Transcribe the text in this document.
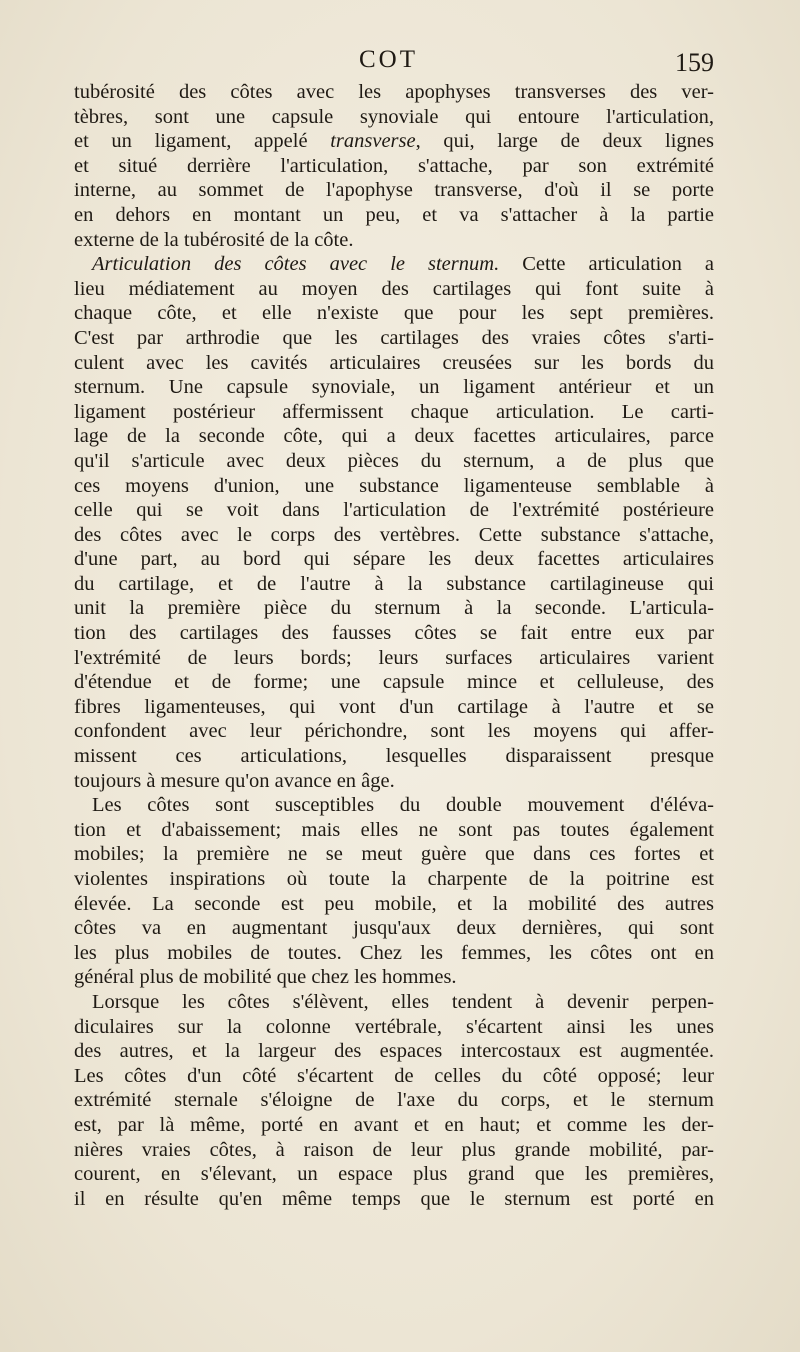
COT	159
tubérosité des côtes avec les apophyses transverses des ver-
tèbres, sont une capsule synoviale qui entoure l'articulation,
et un ligament, appelé transverse, qui, large de deux lignes
et situé derrière l'articulation, s'attache, par son extrémité
interne, au sommet de l'apophyse transverse, d'où il se porte
en dehors en montant un peu, et va s'attacher à la partie
externe de la tubérosité de la côte.
Articulation des côtes avec le sternum. Cette articulation a
lieu médiatement au moyen des cartilages qui font suite à
chaque côte, et elle n'existe que pour les sept premières.
C'est par arthrodie que les cartilages des vraies côtes s'arti-
culent avec les cavités articulaires creusées sur les bords du
sternum. Une capsule synoviale, un ligament antérieur et un
ligament postérieur affermissent chaque articulation. Le carti-
lage de la seconde côte, qui a deux facettes articulaires, parce
qu'il s'articule avec deux pièces du sternum, a de plus que
ces moyens d'union, une substance ligamenteuse semblable à
celle qui se voit dans l'articulation de l'extrémité postérieure
des côtes avec le corps des vertèbres. Cette substance s'attache,
d'une part, au bord qui sépare les deux facettes articulaires
du cartilage, et de l'autre à la substance cartilagineuse qui
unit la première pièce du sternum à la seconde. L'articula-
tion des cartilages des fausses côtes se fait entre eux par
l'extrémité de leurs bords; leurs surfaces articulaires varient
d'étendue et de forme; une capsule mince et celluleuse, des
fibres ligamenteuses, qui vont d'un cartilage à l'autre et se
confondent avec leur périchondre, sont les moyens qui affer-
missent ces articulations, lesquelles disparaissent presque
toujours à mesure qu'on avance en âge.
Les côtes sont susceptibles du double mouvement d'éléva-
tion et d'abaissement; mais elles ne sont pas toutes également
mobiles; la première ne se meut guère que dans ces fortes et
violentes inspirations où toute la charpente de la poitrine est
élevée. La seconde est peu mobile, et la mobilité des autres
côtes va en augmentant jusqu'aux deux dernières, qui sont
les plus mobiles de toutes. Chez les femmes, les côtes ont en
général plus de mobilité que chez les hommes.
Lorsque les côtes s'élèvent, elles tendent à devenir perpen-
diculaires sur la colonne vertébrale, s'écartent ainsi les unes
des autres, et la largeur des espaces intercostaux est augmentée.
Les côtes d'un côté s'écartent de celles du côté opposé; leur
extrémité sternale s'éloigne de l'axe du corps, et le sternum
est, par là même, porté en avant et en haut; et comme les der-
nières vraies côtes, à raison de leur plus grande mobilité, par-
courent, en s'élevant, un espace plus grand que les premières,
il en résulte qu'en même temps que le sternum est porté en
